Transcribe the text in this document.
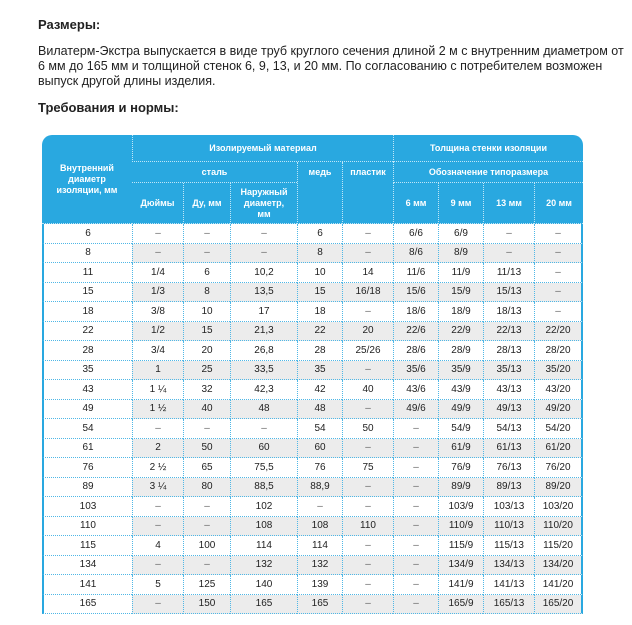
Размеры:
Вилатерм-Экстра выпускается в виде труб круглого сечения длиной 2 м с внутренним диаметром от 6 мм до 165 мм и толщиной стенок 6, 9, 13, и 20 мм. По согласованию с потребителем возможен выпуск другой длины изделия.
Требования и нормы:
Внутренний диаметр изоляции, мм	Изолируемый материал					Толщина стенки изоляции			
	сталь			медь	пластик	Обозначение типоразмера			
	Дюймы	Ду, мм	Наружный диаметр, мм			6 мм	9 мм	13 мм	20 мм
6	–	–	–	6	–	6/6	6/9	–	–
8	–	–	–	8	–	8/6	8/9	–	–
11	1/4	6	10,2	10	14	11/6	11/9	11/13	–
15	1/3	8	13,5	15	16/18	15/6	15/9	15/13	–
18	3/8	10	17	18	–	18/6	18/9	18/13	–
22	1/2	15	21,3	22	20	22/6	22/9	22/13	22/20
28	3/4	20	26,8	28	25/26	28/6	28/9	28/13	28/20
35	1	25	33,5	35	–	35/6	35/9	35/13	35/20
43	1 ¼	32	42,3	42	40	43/6	43/9	43/13	43/20
49	1 ½	40	48	48	–	49/6	49/9	49/13	49/20
54	–	–	–	54	50	–	54/9	54/13	54/20
61	2	50	60	60	–	–	61/9	61/13	61/20
76	2 ½	65	75,5	76	75	–	76/9	76/13	76/20
89	3 ¼	80	88,5	88,9	–	–	89/9	89/13	89/20
103	–	–	102	–	–	–	103/9	103/13	103/20
110	–	–	108	108	110	–	110/9	110/13	110/20
115	4	100	114	114	–	–	115/9	115/13	115/20
134	–	–	132	132	–	–	134/9	134/13	134/20
141	5	125	140	139	–	–	141/9	141/13	141/20
165	–	150	165	165	–	–	165/9	165/13	165/20
